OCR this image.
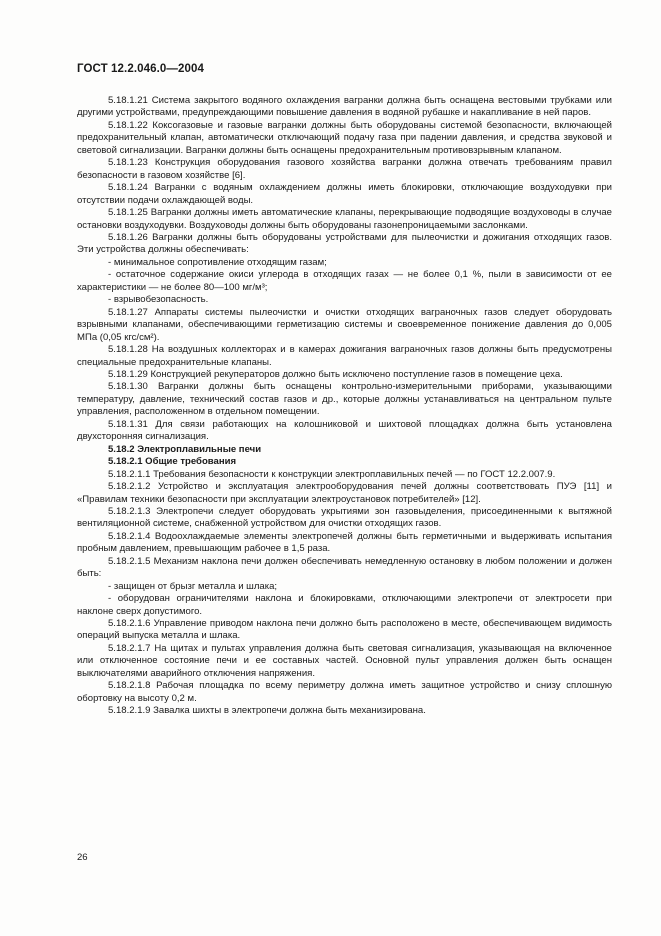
ГОСТ 12.2.046.0—2004

5.18.1.21 Система закрытого водяного охлаждения вагранки должна быть оснащена вестовыми трубками или другими устройствами, предупреждающими повышение давления в водяной рубашке и накапливание в ней паров.

5.18.1.22 Коксогазовые и газовые вагранки должны быть оборудованы системой безопасности, включающей предохранительный клапан, автоматически отключающий подачу газа при падении давления, и средства звуковой и световой сигнализации. Вагранки должны быть оснащены предохранительным противовзрывным клапаном.

5.18.1.23 Конструкция оборудования газового хозяйства вагранки должна отвечать требованиям правил безопасности в газовом хозяйстве [6].

5.18.1.24 Вагранки с водяным охлаждением должны иметь блокировки, отключающие воздуходувки при отсутствии подачи охлаждающей воды.

5.18.1.25 Вагранки должны иметь автоматические клапаны, перекрывающие подводящие воздуховоды в случае остановки воздуходувки. Воздуховоды должны быть оборудованы газонепроницаемыми заслонками.

5.18.1.26 Вагранки должны быть оборудованы устройствами для пылеочистки и дожигания отходящих газов. Эти устройства должны обеспечивать:

- минимальное сопротивление отходящим газам;

- остаточное содержание окиси углерода в отходящих газах — не более 0,1 %, пыли в зависимости от ее характеристики — не более 80—100 мг/м³;

- взрывобезопасность.

5.18.1.27 Аппараты системы пылеочистки и очистки отходящих ваграночных газов следует оборудовать взрывными клапанами, обеспечивающими герметизацию системы и своевременное понижение давления до 0,005 МПа (0,05 кгс/см²).

5.18.1.28 На воздушных коллекторах и в камерах дожигания ваграночных газов должны быть предусмотрены специальные предохранительные клапаны.

5.18.1.29 Конструкцией рекуператоров должно быть исключено поступление газов в помещение цеха.

5.18.1.30 Вагранки должны быть оснащены контрольно-измерительными приборами, указывающими температуру, давление, технический состав газов и др., которые должны устанавливаться на центральном пульте управления, расположенном в отдельном помещении.

5.18.1.31 Для связи работающих на колошниковой и шихтовой площадках должна быть установлена двухсторонняя сигнализация.

5.18.2 Электроплавильные печи

5.18.2.1 Общие требования

5.18.2.1.1 Требования безопасности к конструкции электроплавильных печей — по ГОСТ 12.2.007.9.

5.18.2.1.2 Устройство и эксплуатация электрооборудования печей должны соответствовать ПУЭ [11] и «Правилам техники безопасности при эксплуатации электроустановок потребителей» [12].

5.18.2.1.3 Электропечи следует оборудовать укрытиями зон газовыделения, присоединенными к вытяжной вентиляционной системе, снабженной устройством для очистки отходящих газов.

5.18.2.1.4 Водоохлаждаемые элементы электропечей должны быть герметичными и выдерживать испытания пробным давлением, превышающим рабочее в 1,5 раза.

5.18.2.1.5 Механизм наклона печи должен обеспечивать немедленную остановку в любом положении и должен быть:

- защищен от брызг металла и шлака;

- оборудован ограничителями наклона и блокировками, отключающими электропечи от электросети при наклоне сверх допустимого.

5.18.2.1.6 Управление приводом наклона печи должно быть расположено в месте, обеспечивающем видимость операций выпуска металла и шлака.

5.18.2.1.7 На щитах и пультах управления должна быть световая сигнализация, указывающая на включенное или отключенное состояние печи и ее составных частей. Основной пульт управления должен быть оснащен выключателями аварийного отключения напряжения.

5.18.2.1.8 Рабочая площадка по всему периметру должна иметь защитное устройство и снизу сплошную обортовку на высоту 0,2 м.

5.18.2.1.9 Завалка шихты в электропечи должна быть механизирована.

26
